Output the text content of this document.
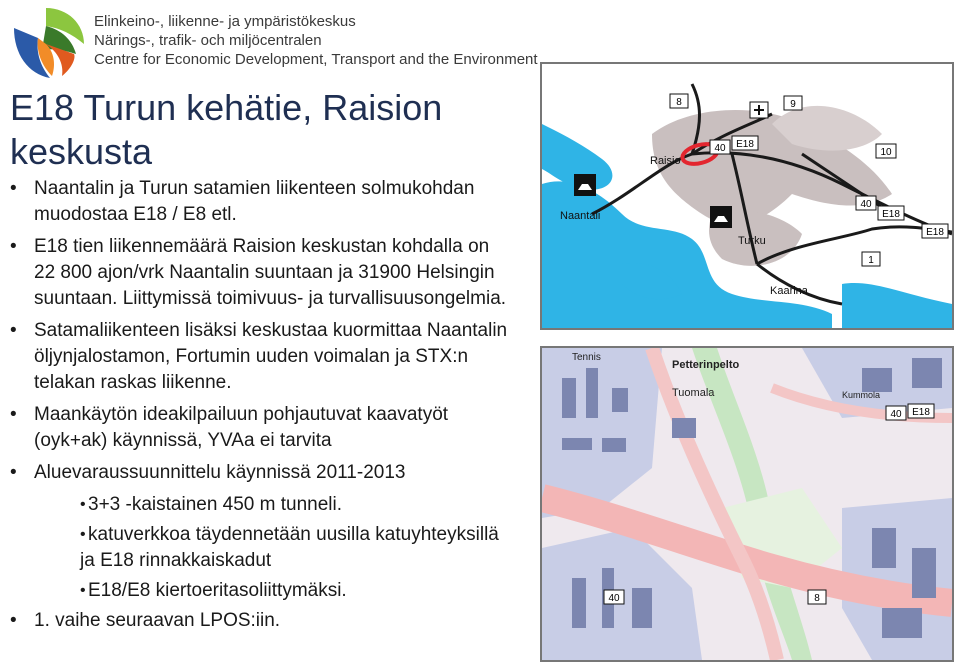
Elinkeino-, liikenne- ja ympäristökeskus
Närings-, trafik- och miljöcentralen
Centre for Economic Development, Transport and the Environment
E18 Turun kehätie, Raision
keskusta
• Naantalin ja Turun satamien liikenteen solmukohdan muodostaa E18 / E8 etl.
• E18 tien liikennemäärä Raision keskustan kohdalla on 22 800 ajon/vrk Naantalin suuntaan ja 31900 Helsingin suuntaan. Liittymissä toimivuus- ja turvallisuusongelmia.
• Satamaliikenteen lisäksi keskustaa kuormittaa Naantalin öljynjalostamon, Fortumin uuden voimalan ja STX:n telakan raskas liikenne.
• Maankäytön ideakilpailuun pohjautuvat kaavatyöt (oyk+ak) käynnissä, YVAa ei tarvita
• Aluevaraussuunnittelu käynnissä 2011-2013
• 3+3 -kaistainen 450 m tunneli.
• katuverkkoa täydennetään uusilla katuyhteyksillä ja E18 rinnakkaiskadut
• E18/E8 kiertoeritasoliittymäksi.
• 1. vaihe seuraavan LPOS:iin.
Raisio
Naantali
Turku
Kaarina
8	9
10
40 E18
40
E18
E18
1
Tennis
Petterinpelto
Tuomala	Kummola
40 E18
40	8
